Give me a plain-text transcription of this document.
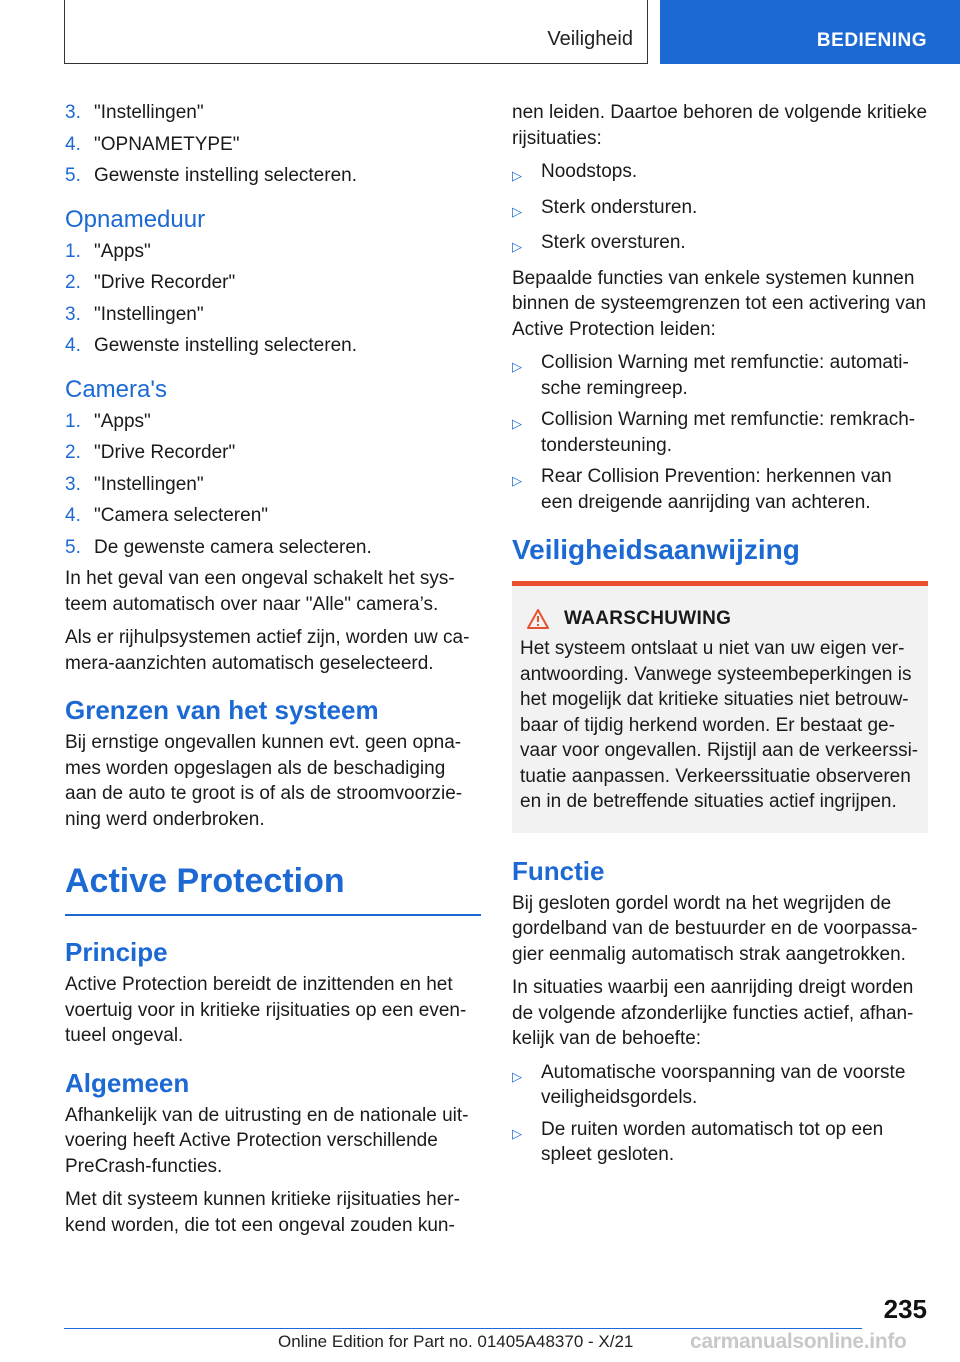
Veiligheid	BEDIENING
3. "Instellingen"
4. "OPNAMETYPE"
5. Gewenste instelling selecteren.
Opnameduur
1. "Apps"
2. "Drive Recorder"
3. "Instellingen"
4. Gewenste instelling selecteren.
Camera's
1. "Apps"
2. "Drive Recorder"
3. "Instellingen"
4. "Camera selecteren"
5. De gewenste camera selecteren.

In het geval van een ongeval schakelt het sys-teem automatisch over naar "Alle" camera’s.

Als er rijhulpsystemen actief zijn, worden uw ca-mera-aanzichten automatisch geselecteerd.

Grenzen van het systeem

Bij ernstige ongevallen kunnen evt. geen opna-mes worden opgeslagen als de beschadiging aan de auto te groot is of als de stroomvoorzie-ning werd onderbroken.

Active Protection
Principe

Active Protection bereidt de inzittenden en het voertuig voor in kritieke rijsituaties op een even-tueel ongeval.

Algemeen

Afhankelijk van de uitrusting en de nationale uit-voering heeft Active Protection verschillende PreCrash-functies.

Met dit systeem kunnen kritieke rijsituaties her-kend worden, die tot een ongeval zouden kun-

nen leiden. Daartoe behoren de volgende kritieke rijsituaties:

▷	Noodstops.
▷	Sterk ondersturen.
▷	Sterk oversturen.

Bepaalde functies van enkele systemen kunnen binnen de systeemgrenzen tot een activering van Active Protection leiden:

▷	Collision Warning met remfunctie: automati-sche remingreep.
▷	Collision Warning met remfunctie: remkrach-tondersteuning.
▷	Rear Collision Prevention: herkennen van een dreigende aanrijding van achteren.
Veiligheidsaanwijzing
WAARSCHUWING

Het systeem ontslaat u niet van uw eigen ver-antwoording. Vanwege systeembeperkingen is het mogelijk dat kritieke situaties niet betrouw-baar of tijdig herkend worden. Er bestaat ge-vaar voor ongevallen. Rijstijl aan de verkeerssi-tuatie aanpassen. Verkeerssituatie observeren en in de betreffende situaties actief ingrijpen.

Functie

Bij gesloten gordel wordt na het wegrijden de gordelband van de bestuurder en de voorpassa-gier eenmalig automatisch strak aangetrokken.

In situaties waarbij een aanrijding dreigt worden de volgende afzonderlijke functies actief, afhan-kelijk van de behoefte:

▷	Automatische voorspanning van de voorste veiligheidsgordels.
▷	De ruiten worden automatisch tot op een spleet gesloten.
235
Online Edition for Part no. 01405A48370 - X/21	carmanualsonline.info
